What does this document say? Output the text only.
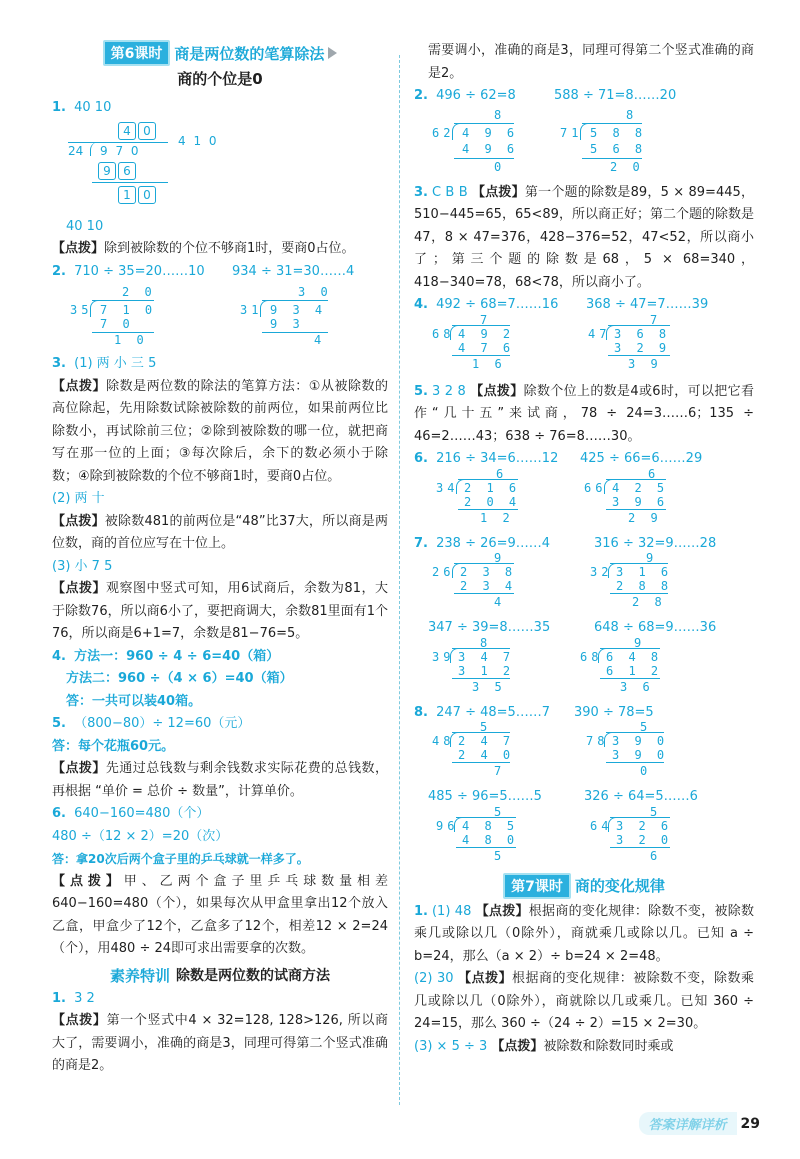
第6课时 商是两位数的笔算除法
商的个位是0
1. 40 10
4 0
24 9 7 0
4 1 0
9 6
1 0
40 10
【点拨】除到被除数的个位不够商1时，要商0占位。
2. 710 ÷ 35=20……10 934 ÷ 31=30……4
2 0
35 7 1 0
7 0
1 0
3 0
31 9 3 4
9 3
4
3. (1) 两 小 三 5
【点拨】除数是两位数的除法的笔算方法：①从被除数的高位除起，先用除数试除被除数的前两位，如果前两位比除数小，再试除前三位；②除到被除数的哪一位，就把商写在那一位的上面；③每次除后，余下的数必须小于除数；④除到被除数的个位不够商1时，要商0占位。
(2) 两 十
【点拨】被除数481的前两位是“48”比37大，所以商是两位数，商的首位应写在十位上。
(3) 小 7 5
【点拨】观察图中竖式可知，用6试商后，余数为81，大于除数76，所以商6小了，要把商调大，余数81里面有1个76，所以商是6+1=7，余数是81−76=5。
4. 方法一：960 ÷ 4 ÷ 6=40（箱）
方法二：960 ÷（4 × 6）=40（箱）
答：一共可以装40箱。
5. （800−80）÷ 12=60（元）
答：每个花瓶60元。
【点拨】先通过总钱数与剩余钱数求实际花费的总钱数，再根据 “单价 = 总价 ÷ 数量”，计算单价。
6. 640−160=480（个）
480 ÷（12 × 2）=20（次）
答：拿20次后两个盒子里的乒乓球就一样多了。
【点拨】甲、乙两个盒子里乒乓球数量相差640−160=480（个），如果每次从甲盒里拿出12个放入乙盒，甲盒少了12个，乙盒多了12个，相差12 × 2=24（个），用480 ÷ 24即可求出需要拿的次数。
素养特训 除数是两位数的试商方法
1. 3 2
【点拨】第一个竖式中4 × 32=128, 128>126, 所以商大了，需要调小，准确的商是3，同理可得第二个竖式准确的商是2。
需要调小，准确的商是3，同理可得第二个竖式准确的商是2。
2. 496 ÷ 62=8	588 ÷ 71=8……20
8
62 4 9 6
4 9 6
0
8
71 5 8 8
5 6 8
2 0
3. C B B 【点拨】第一个题的除数是89，5 × 89=445，510−445=65，65<89，所以商正好；第二个题的除数是47，8 × 47=376，428−376=52，47<52，所以商小了；第三个题的除数是68，5 × 68=340，418−340=78，68<78，所以商小了。
4. 492 ÷ 68=7……16 368 ÷ 47=7……39
7
68 4 9 2
4 7 6
1 6
7
47 3 6 8
3 2 9
3 9
5. 3 2 8 【点拨】除数个位上的数是4或6时，可以把它看作“几十五”来试商，78 ÷ 24=3……6；135 ÷ 46=2……43；638 ÷ 76=8……30。
6. 216 ÷ 34=6……12 425 ÷ 66=6……29
6
34 2 1 6
2 0 4
1 2
6
66 4 2 5
3 9 6
2 9
7. 238 ÷ 26=9……4	316 ÷ 32=9……28
9
26 2 3 8
2 3 4
4
9
32 3 1 6
2 8 8
2 8
347 ÷ 39=8……35	648 ÷ 68=9……36
8
39 3 4 7
3 1 2
3 5
9
68 6 4 8
6 1 2
3 6
8. 247 ÷ 48=5……7 390 ÷ 78=5
5
48 2 4 7
2 4 0
7
5
78 3 9 0
3 9 0
0
485 ÷ 96=5……5	326 ÷ 64=5……6
5
96 4 8 5
4 8 0
5
5
64 3 2 6
3 2 0
6
第7课时 商的变化规律
1. (1) 48 【点拨】根据商的变化规律：除数不变，被除数乘几或除以几（0除外），商就乘几或除以几。已知 a ÷ b=24，那么（a × 2）÷ b=24 × 2=48。
(2) 30 【点拨】根据商的变化规律：被除数不变，除数乘几或除以几（0除外），商就除以几或乘几。已知 360 ÷ 24=15，那么 360 ÷（24 ÷ 2）=15 × 2=30。
(3) × 5 ÷ 3 【点拨】被除数和除数同时乘或
答案详解详析	29
